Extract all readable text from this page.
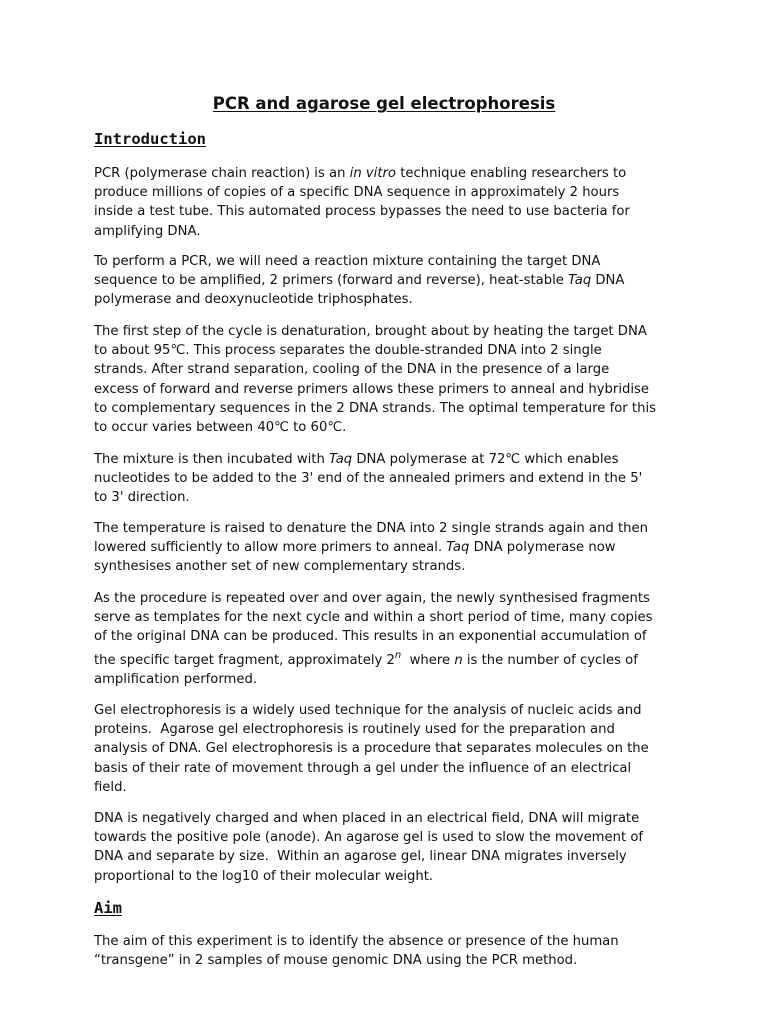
PCR and agarose gel electrophoresis
Introduction

PCR (polymerase chain reaction) is an in vitro technique enabling researchers to
produce millions of copies of a specific DNA sequence in approximately 2 hours
inside a test tube. This automated process bypasses the need to use bacteria for
amplifying DNA.

To perform a PCR, we will need a reaction mixture containing the target DNA
sequence to be amplified, 2 primers (forward and reverse), heat-stable Taq DNA
polymerase and deoxynucleotide triphosphates.

The first step of the cycle is denaturation, brought about by heating the target DNA
to about 95℃. This process separates the double-stranded DNA into 2 single
strands. After strand separation, cooling of the DNA in the presence of a large
excess of forward and reverse primers allows these primers to anneal and hybridise
to complementary sequences in the 2 DNA strands. The optimal temperature for this
to occur varies between 40℃ to 60℃.

The mixture is then incubated with Taq DNA polymerase at 72℃ which enables
nucleotides to be added to the 3' end of the annealed primers and extend in the 5'
to 3' direction.

The temperature is raised to denature the DNA into 2 single strands again and then
lowered sufficiently to allow more primers to anneal. Taq DNA polymerase now
synthesises another set of new complementary strands.

As the procedure is repeated over and over again, the newly synthesised fragments
serve as templates for the next cycle and within a short period of time, many copies
of the original DNA can be produced. This results in an exponential accumulation of
the specific target fragment, approximately 2$^n$  where n is the number of cycles of
amplification performed.

Gel electrophoresis is a widely used technique for the analysis of nucleic acids and
proteins.  Agarose gel electrophoresis is routinely used for the preparation and
analysis of DNA. Gel electrophoresis is a procedure that separates molecules on the
basis of their rate of movement through a gel under the influence of an electrical
field.

DNA is negatively charged and when placed in an electrical field, DNA will migrate
towards the positive pole (anode). An agarose gel is used to slow the movement of
DNA and separate by size.  Within an agarose gel, linear DNA migrates inversely
proportional to the log10 of their molecular weight.

Aim

The aim of this experiment is to identify the absence or presence of the human
“transgene” in 2 samples of mouse genomic DNA using the PCR method.
